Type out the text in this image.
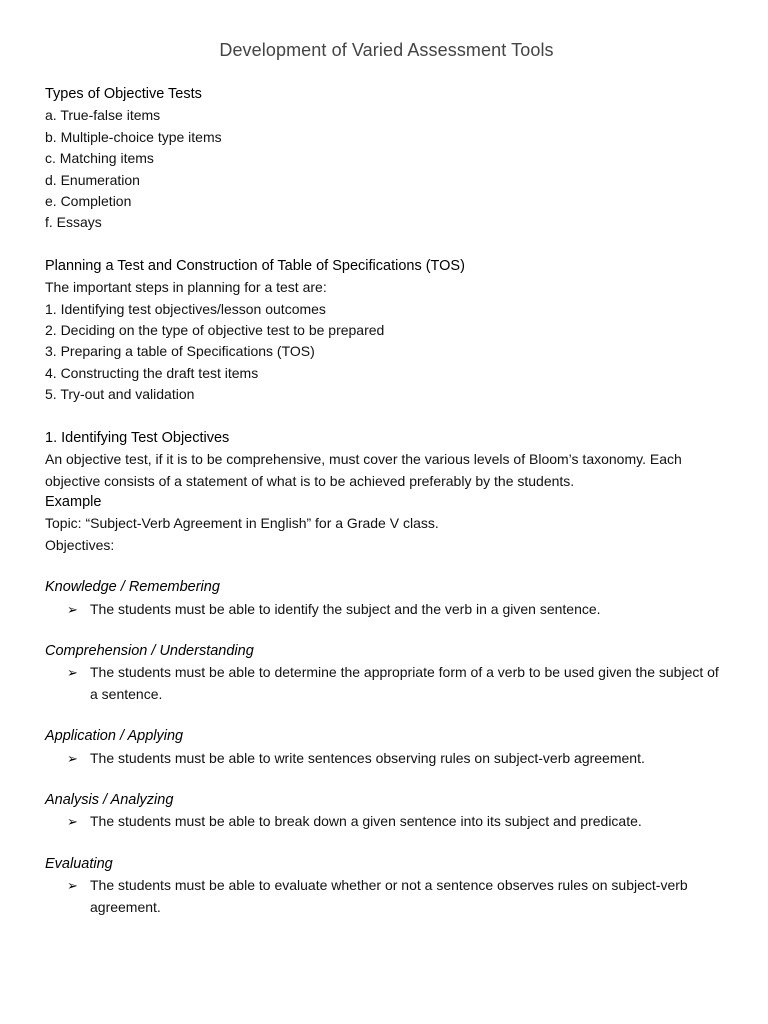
Development of Varied Assessment Tools
Types of Objective Tests
a. True-false items
b. Multiple-choice type items
c. Matching items
d. Enumeration
e. Completion
f. Essays
Planning a Test and Construction of Table of Specifications (TOS)
The important steps in planning for a test are:
1. Identifying test objectives/lesson outcomes
2. Deciding on the type of objective test to be prepared
3. Preparing a table of Specifications (TOS)
4. Constructing the draft test items
5. Try-out and validation
1. Identifying Test Objectives
An objective test, if it is to be comprehensive, must cover the various levels of Bloom’s taxonomy. Each objective consists of a statement of what is to be achieved preferably by the students.
Example
Topic: “Subject-Verb Agreement in English” for a Grade V class.
Objectives:
Knowledge / Remembering
➢ The students must be able to identify the subject and the verb in a given sentence.
Comprehension / Understanding
➢ The students must be able to determine the appropriate form of a verb to be used given the subject of a sentence.
Application / Applying
➢ The students must be able to write sentences observing rules on subject-verb agreement.
Analysis / Analyzing
➢ The students must be able to break down a given sentence into its subject and predicate.
Evaluating
➢ The students must be able to evaluate whether or not a sentence observes rules on subject-verb agreement.
